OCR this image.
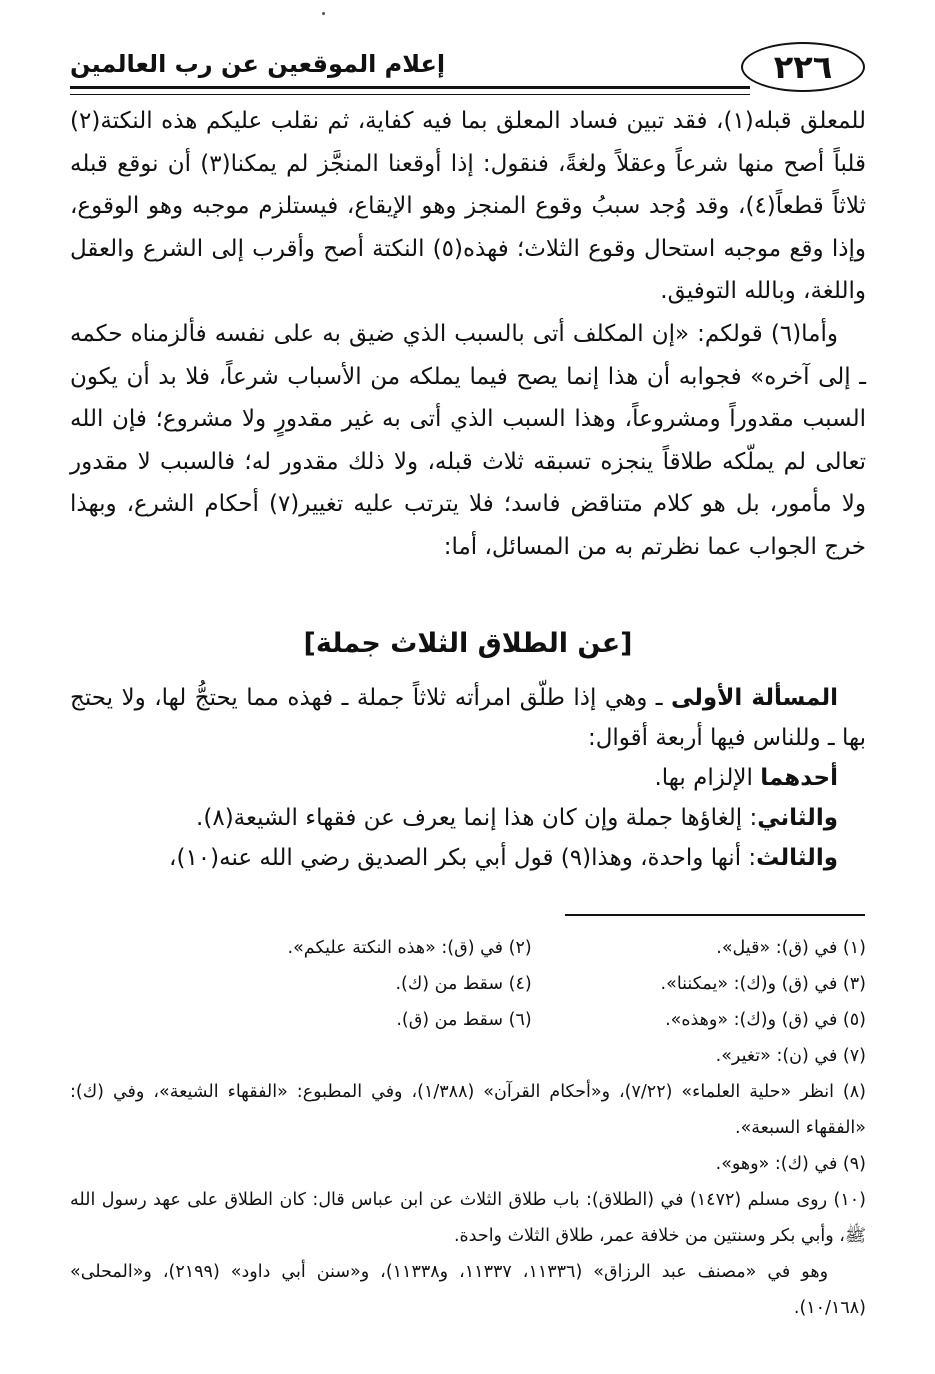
٢٢٦
إعلام الموقعين عن رب العالمين

للمعلق قبله(١)، فقد تبين فساد المعلق بما فيه كفاية، ثم نقلب عليكم هذه النكتة(٢) قلباً أصح منها شرعاً وعقلاً ولغةً، فنقول: إذا أوقعنا المنجَّز لم يمكنا(٣) أن نوقع قبله ثلاثاً قطعاً(٤)، وقد وُجد سببُ وقوع المنجز وهو الإيقاع، فيستلزم موجبه وهو الوقوع، وإذا وقع موجبه استحال وقوع الثلاث؛ فهذه(٥) النكتة أصح وأقرب إلى الشرع والعقل واللغة، وبالله التوفيق.

وأما(٦) قولكم: «إن المكلف أتى بالسبب الذي ضيق به على نفسه فألزمناه حكمه ـ إلى آخره» فجوابه أن هذا إنما يصح فيما يملكه من الأسباب شرعاً، فلا بد أن يكون السبب مقدوراً ومشروعاً، وهذا السبب الذي أتى به غير مقدورٍ ولا مشروع؛ فإن الله تعالى لم يملّكه طلاقاً ينجزه تسبقه ثلاث قبله، ولا ذلك مقدور له؛ فالسبب لا مقدور ولا مأمور، بل هو كلام متناقض فاسد؛ فلا يترتب عليه تغيير(٧) أحكام الشرع، وبهذا خرج الجواب عما نظرتم به من المسائل، أما:

[عن الطلاق الثلاث جملة]

المسألة الأولى ـ وهي إذا طلّق امرأته ثلاثاً جملة ـ فهذه مما يحتجُّ لها، ولا يحتج بها ـ وللناس فيها أربعة أقوال:

أحدهما الإلزام بها.

والثاني: إلغاؤها جملة وإن كان هذا إنما يعرف عن فقهاء الشيعة(٨).

والثالث: أنها واحدة، وهذا(٩) قول أبي بكر الصديق رضي الله عنه(١٠)،

(١) في (ق): «قيل».
(٢) في (ق): «هذه النكتة عليكم».
(٣) في (ق) و(ك): «يمكننا».
(٤) سقط من (ك).
(٥) في (ق) و(ك): «وهذه».
(٦) سقط من (ق).
(٧) في (ن): «تغير».
(٨) انظر «حلية العلماء» (٧/٢٢)، و«أحكام القرآن» (١/٣٨٨)، وفي المطبوع: «الفقهاء الشيعة»، وفي (ك): «الفقهاء السبعة».
(٩) في (ك): «وهو».
(١٠) روى مسلم (١٤٧٢) في (الطلاق): باب طلاق الثلاث عن ابن عباس قال: كان الطلاق على عهد رسول الله ﷺ، وأبي بكر وسنتين من خلافة عمر، طلاق الثلاث واحدة.
وهو في «مصنف عبد الرزاق» (١١٣٣٦، ١١٣٣٧، و١١٣٣٨)، و«سنن أبي داود» (٢١٩٩)، و«المحلى» (١٠/١٦٨).
